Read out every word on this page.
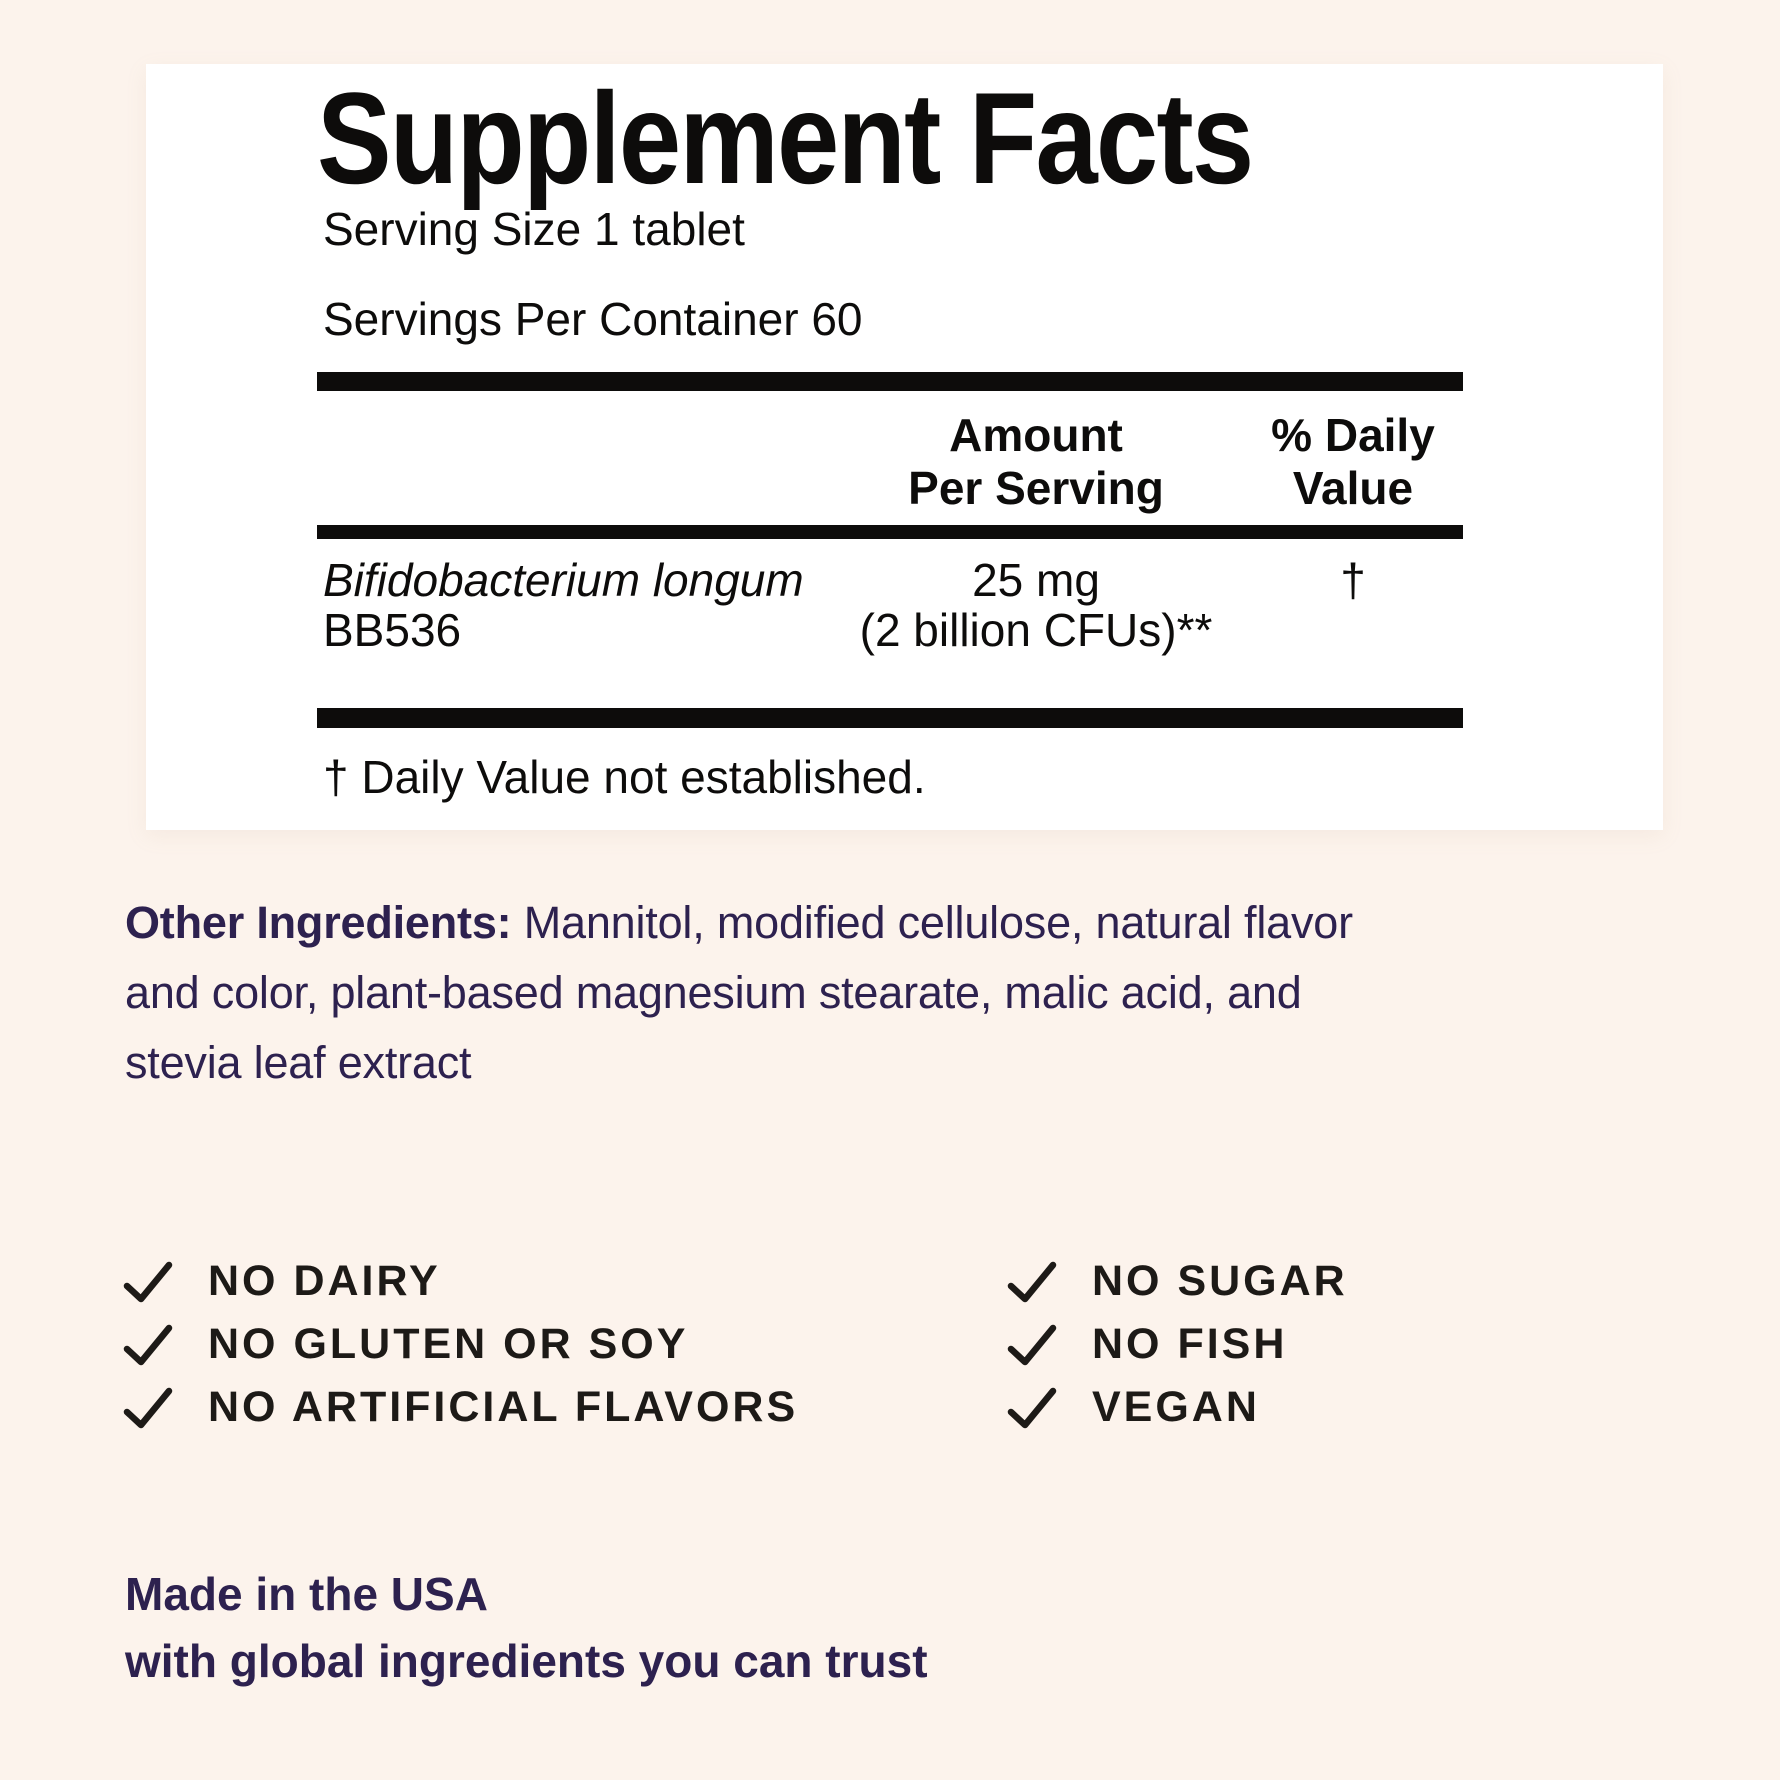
Supplement Facts
Serving Size 1 tablet
Servings Per Container 60
Amount
Per Serving
% Daily
Value
Bifidobacterium longum
BB536
25 mg
(2 billion CFUs)**
†
† Daily Value not established.
Other Ingredients: Mannitol, modified cellulose, natural flavor
and color, plant-based magnesium stearate, malic acid, and
stevia leaf extract
NO DAIRY
NO GLUTEN OR SOY
NO ARTIFICIAL FLAVORS
NO SUGAR
NO FISH
VEGAN
Made in the USA
with global ingredients you can trust
